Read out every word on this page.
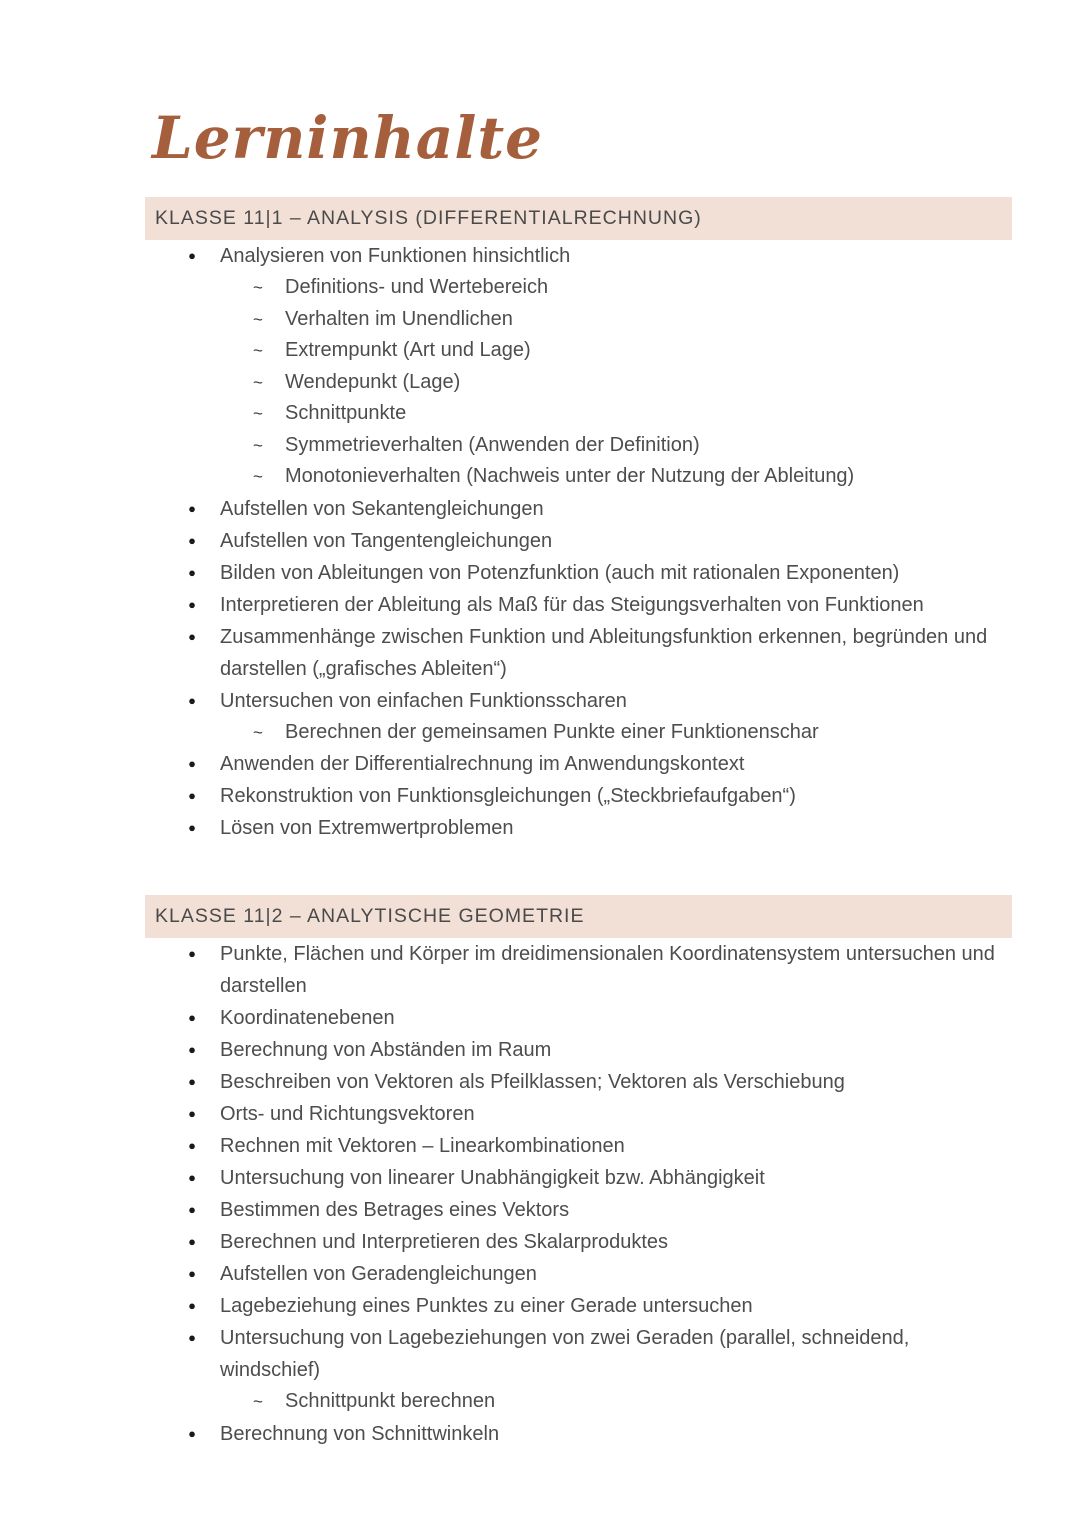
Lerninhalte
KLASSE 11|1 – ANALYSIS (DIFFERENTIALRECHNUNG)
● Analysieren von Funktionen hinsichtlich
~ Definitions- und Wertebereich
~ Verhalten im Unendlichen
~ Extrempunkt (Art und Lage)
~ Wendepunkt (Lage)
~ Schnittpunkte
~ Symmetrieverhalten (Anwenden der Definition)
~ Monotonieverhalten (Nachweis unter der Nutzung der Ableitung)
● Aufstellen von Sekantengleichungen
● Aufstellen von Tangentengleichungen
● Bilden von Ableitungen von Potenzfunktion (auch mit rationalen Exponenten)
● Interpretieren der Ableitung als Maß für das Steigungsverhalten von Funktionen
● Zusammenhänge zwischen Funktion und Ableitungsfunktion erkennen, begründen und darstellen („grafisches Ableiten“)
● Untersuchen von einfachen Funktionsscharen
~ Berechnen der gemeinsamen Punkte einer Funktionenschar
● Anwenden der Differentialrechnung im Anwendungskontext
● Rekonstruktion von Funktionsgleichungen („Steckbriefaufgaben“)
● Lösen von Extremwertproblemen
KLASSE 11|2 – ANALYTISCHE GEOMETRIE
● Punkte, Flächen und Körper im dreidimensionalen Koordinatensystem untersuchen und darstellen
● Koordinatenebenen
● Berechnung von Abständen im Raum
● Beschreiben von Vektoren als Pfeilklassen; Vektoren als Verschiebung
● Orts- und Richtungsvektoren
● Rechnen mit Vektoren – Linearkombinationen
● Untersuchung von linearer Unabhängigkeit bzw. Abhängigkeit
● Bestimmen des Betrages eines Vektors
● Berechnen und Interpretieren des Skalarproduktes
● Aufstellen von Geradengleichungen
● Lagebeziehung eines Punktes zu einer Gerade untersuchen
● Untersuchung von Lagebeziehungen von zwei Geraden (parallel, schneidend, windschief)
~ Schnittpunkt berechnen
● Berechnung von Schnittwinkeln
